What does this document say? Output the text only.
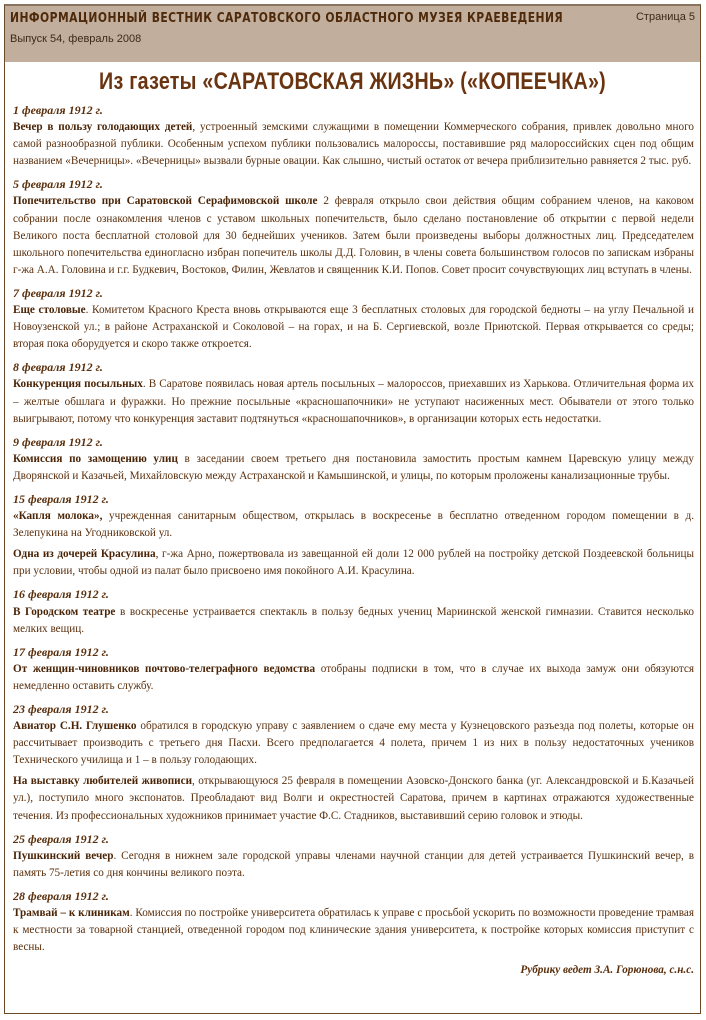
ИНФОРМАЦИОННЫЙ ВЕСТНИК САРАТОВСКОГО ОБЛАСТНОГО МУЗЕЯ КРАЕВЕДЕНИЯ
Выпуск 54, февраль 2008
Страница 5
Из газеты «САРАТОВСКАЯ ЖИЗНЬ» («КОПЕЕЧКА»)
1 февраля 1912 г.

Вечер в пользу голодающих детей, устроенный земскими служащими в помещении Коммерческого собрания, привлек довольно много самой разнообразной публики. Особенным успехом публики пользовались малороссы, поставившие ряд малороссийских сцен под общим названием «Вечерницы». «Вечерницы» вызвали бурные овации. Как слышно, чистый остаток от вечера приблизительно равняется 2 тыс. руб.

5 февраля 1912 г.

Попечительство при Саратовской Серафимовской школе 2 февраля открыло свои действия общим собранием членов, на каковом собрании после ознакомления членов с уставом школьных попечительств, было сделано постановление об открытии с первой недели Великого поста бесплатной столовой для 30 беднейших учеников. Затем были произведены выборы должностных лиц. Председателем школьного попечительства единогласно избран попечитель школы Д.Д. Головин, в члены совета большинством голосов по запискам избраны г-жа А.А. Головина и г.г. Будкевич, Востоков, Филин, Жевлатов и священник К.И. Попов. Совет просит сочувствующих лиц вступать в члены.

7 февраля 1912 г.

Еще столовые. Комитетом Красного Креста вновь открываются еще 3 бесплатных столовых для городской бедноты – на углу Печальной и Новоузенской ул.; в районе Астраханской и Соколовой – на горах, и на Б. Сергиевской, возле Приютской. Первая открывается со среды; вторая пока оборудуется и скоро также откроется.

8 февраля 1912 г.

Конкуренция посыльных. В Саратове появилась новая артель посыльных – малороссов, приехавших из Харькова. Отличительная форма их – желтые обшлага и фуражки. Но прежние посыльные «красношапочники» не уступают насиженных мест. Обыватели от этого только выигрывают, потому что конкуренция заставит подтянуться «красношапочников», в организации которых есть недостатки.

9 февраля 1912 г.

Комиссия по замощению улиц в заседании своем третьего дня постановила замостить простым камнем Царевскую улицу между Дворянской и Казачьей, Михайловскую между Астраханской и Камышинской, и улицы, по которым проложены канализационные трубы.

15 февраля 1912 г.

«Капля молока», учрежденная санитарным обществом, открылась в воскресенье в бесплатно отведенном городом помещении в д. Зелепукина на Угодниковской ул.

Одна из дочерей Красулина, г-жа Арно, пожертвовала из завещанной ей доли 12 000 рублей на постройку детской Поздеевской больницы при условии, чтобы одной из палат было присвоено имя покойного А.И. Красулина.

16 февраля 1912 г.

В Городском театре в воскресенье устраивается спектакль в пользу бедных учениц Мариинской женской гимназии. Ставится несколько мелких вещиц.

17 февраля 1912 г.

От женщин-чиновников почтово-телеграфного ведомства отобраны подписки в том, что в случае их выхода замуж они обязуются немедленно оставить службу.

23 февраля 1912 г.

Авиатор С.Н. Глушенко обратился в городскую управу с заявлением о сдаче ему места у Кузнецовского разъезда под полеты, которые он рассчитывает производить с третьего дня Пасхи. Всего предполагается 4 полета, причем 1 из них в пользу недостаточных учеников Технического училища и 1 – в пользу голодающих.

На выставку любителей живописи, открывающуюся 25 февраля в помещении Азовско-Донского банка (уг. Александровской и Б.Казачьей ул.), поступило много экспонатов. Преобладают вид Волги и окрестностей Саратова, причем в картинах отражаются художественные течения. Из профессиональных художников принимает участие Ф.С. Стадников, выставивший серию головок и этюды.

25 февраля 1912 г.

Пушкинский вечер. Сегодня в нижнем зале городской управы членами научной станции для детей устраивается Пушкинский вечер, в память 75-летия со дня кончины великого поэта.

28 февраля 1912 г.

Трамвай – к клиникам. Комиссия по постройке университета обратилась к управе с просьбой ускорить по возможности проведение трамвая к местности за товарной станцией, отведенной городом под клинические здания университета, к постройке которых комиссия приступит с весны.

Рубрику ведет З.А. Горюнова, с.н.с.
